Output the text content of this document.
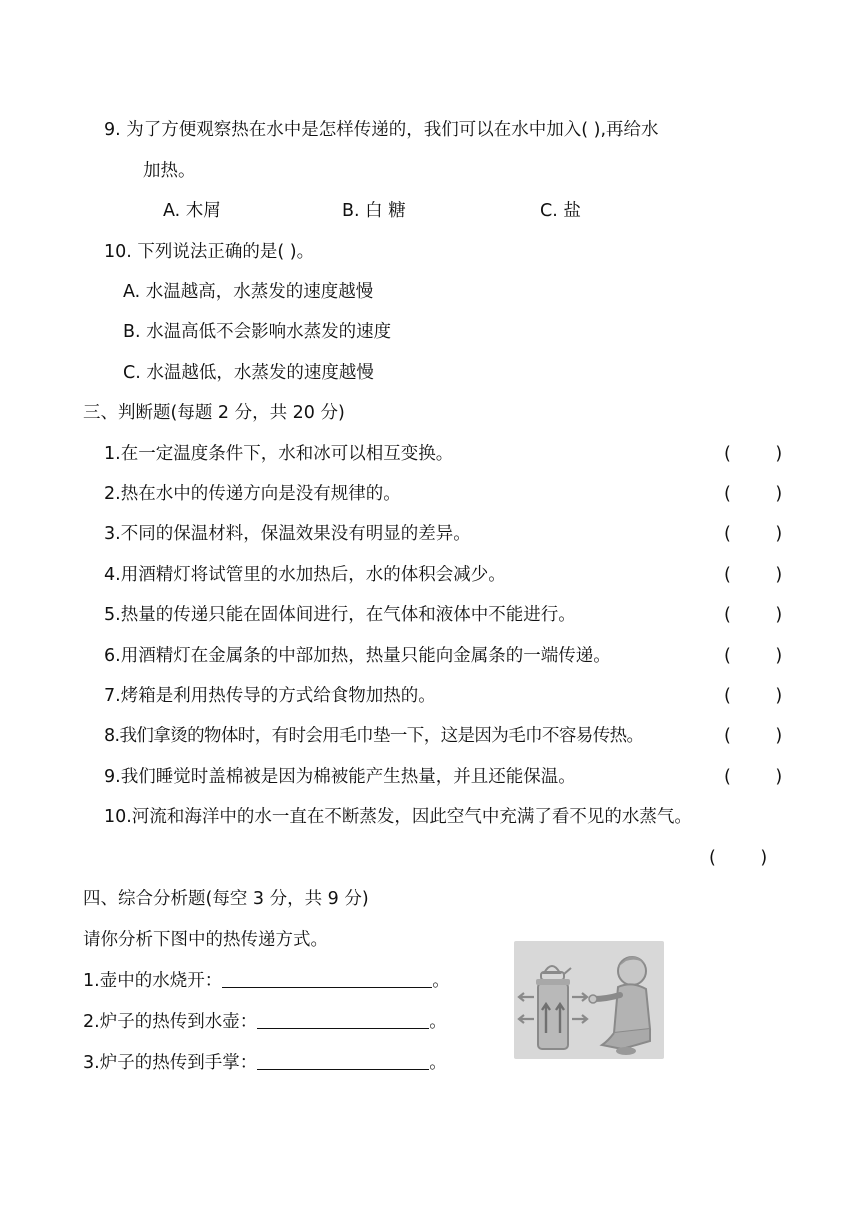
9. 为了方便观察热在水中是怎样传递的，我们可以在水中加入( ),再给水
加热。
A. 木屑	B. 白 糖	C. 盐
10. 下列说法正确的是( )。
A. 水温越高，水蒸发的速度越慢
B. 水温高低不会影响水蒸发的速度
C. 水温越低，水蒸发的速度越慢
三、判断题(每题 2 分，共 20 分)
1.在一定温度条件下，水和冰可以相互变换。	(        )
2.热在水中的传递方向是没有规律的。	(        )
3.不同的保温材料，保温效果没有明显的差异。	(        )
4.用酒精灯将试管里的水加热后，水的体积会减少。	(        )
5.热量的传递只能在固体间进行，在气体和液体中不能进行。	(        )
6.用酒精灯在金属条的中部加热，热量只能向金属条的一端传递。	(        )
7.烤箱是利用热传导的方式给食物加热的。	(        )
8.我们拿烫的物体时，有时会用毛巾垫一下，这是因为毛巾不容易传热。	(        )
9.我们睡觉时盖棉被是因为棉被能产生热量，并且还能保温。	(        )
10.河流和海洋中的水一直在不断蒸发，因此空气中充满了看不见的水蒸气。
(        )
四、综合分析题(每空 3 分，共 9 分)
请你分析下图中的热传递方式。
1.壶中的水烧开：	。
2.炉子的热传到水壶：	。
3.炉子的热传到手掌：	。
